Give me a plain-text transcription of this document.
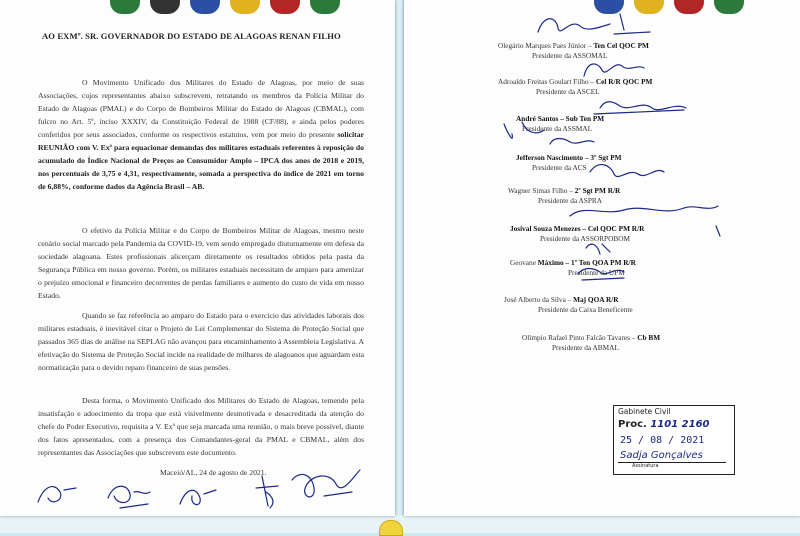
AO EXMº. SR. GOVERNADOR DO ESTADO DE ALAGOAS RENAN FILHO

O Movimento Unificado dos Militares do Estado de Alagoas, por meio de suas Associações, cujos representantes abaixo subscrevem, retratando os membros da Polícia Militar do Estado de Alagoas (PMAL) e do Corpo de Bombeiros Militar do Estado de Alagoas (CBMAL), com fulcro no Art. 5º, inciso XXXIV, da Constituição Federal de 1988 (CF/88), e ainda pelos poderes conferidos por seus associados, conforme os respectivos estatutos, vem por meio do presente solicitar REUNIÃO com V. Exª para equacionar demandas dos militares estaduais referentes à reposição do acumulado do Índice Nacional de Preços ao Consumidor Amplo – IPCA dos anos de 2018 e 2019, nos percentuais de 3,75 e 4,31, respectivamente, somada a perspectiva do índice de 2021 em torno de 6,88%, conforme dados da Agência Brasil – AB.

O efetivo da Polícia Militar e do Corpo de Bombeiros Militar de Alagoas, mesmo neste cenário social marcado pela Pandemia da COVID-19, vem sendo empregado diuturnamente em defesa da sociedade alagoana. Estes profissionais alicerçam diretamente os resultados obtidos pela pasta da Segurança Pública em nosso governo. Porém, os militares estaduais necessitam de amparo para amenizar o prejuízo emocional e financeiro decorrentes de perdas familiares e aumento do custo de vida em nosso Estado.

Quando se faz referência ao amparo do Estado para o exercício das atividades laborais dos militares estaduais, é inevitável citar o Projeto de Lei Complementar do Sistema de Proteção Social que passados 365 dias de análise na SEPLAG não avançou para encaminhamento à Assembleia Legislativa. A efetivação do Sistema de Proteção Social incide na realidade de milhares de alagoanos que aguardam esta normatização para o devido reparo financeiro de suas pensões.

Desta forma, o Movimento Unificado dos Militares do Estado de Alagoas, temendo pela insatisfação e adoecimento da tropa que está visivelmente desmotivada e desacreditada da atenção do chefe do Poder Executivo, requisita a V. Exª que seja marcada uma reunião, o mais breve possível, diante dos fatos apresentados, com a presença dos Comandantes-geral da PMAL e CBMAL, além dos representantes das Associações que subscrevem este documento.

Maceió/AL, 24 de agosto de 2021.
Olegário Marques Paes Júnior – Ten Cel QOC PM
Presidente da ASSOMAL
Adroaldo Freitas Goulart Filho – Cel R/R QOC PM
Presidente da ASCEL
André Santos – Sub Ten PM
Presidente da ASSMAL
Jefferson Nascimento – 3º Sgt PM
Presidente da ACS
Wagner Simas Filho – 2º Sgt PM R/R
Presidente da ASPRA
Josival Souza Menezes – Cel QOC PM R/R
Presidente da ASSORPOBOM
Geovane Máximo – 1º Ten QOA PM R/R
Presidente da UPM
José Alberto da Silva – Maj QOA R/R
Presidente da Caixa Beneficente
Olímpio Rafael Pinto Falcão Tavares – Cb BM
Presidente da ABMAL
Gabinete Civil
Proc. 1101 2160
25 / 08 / 2021
Sadja Gonçalves
Assinatura
